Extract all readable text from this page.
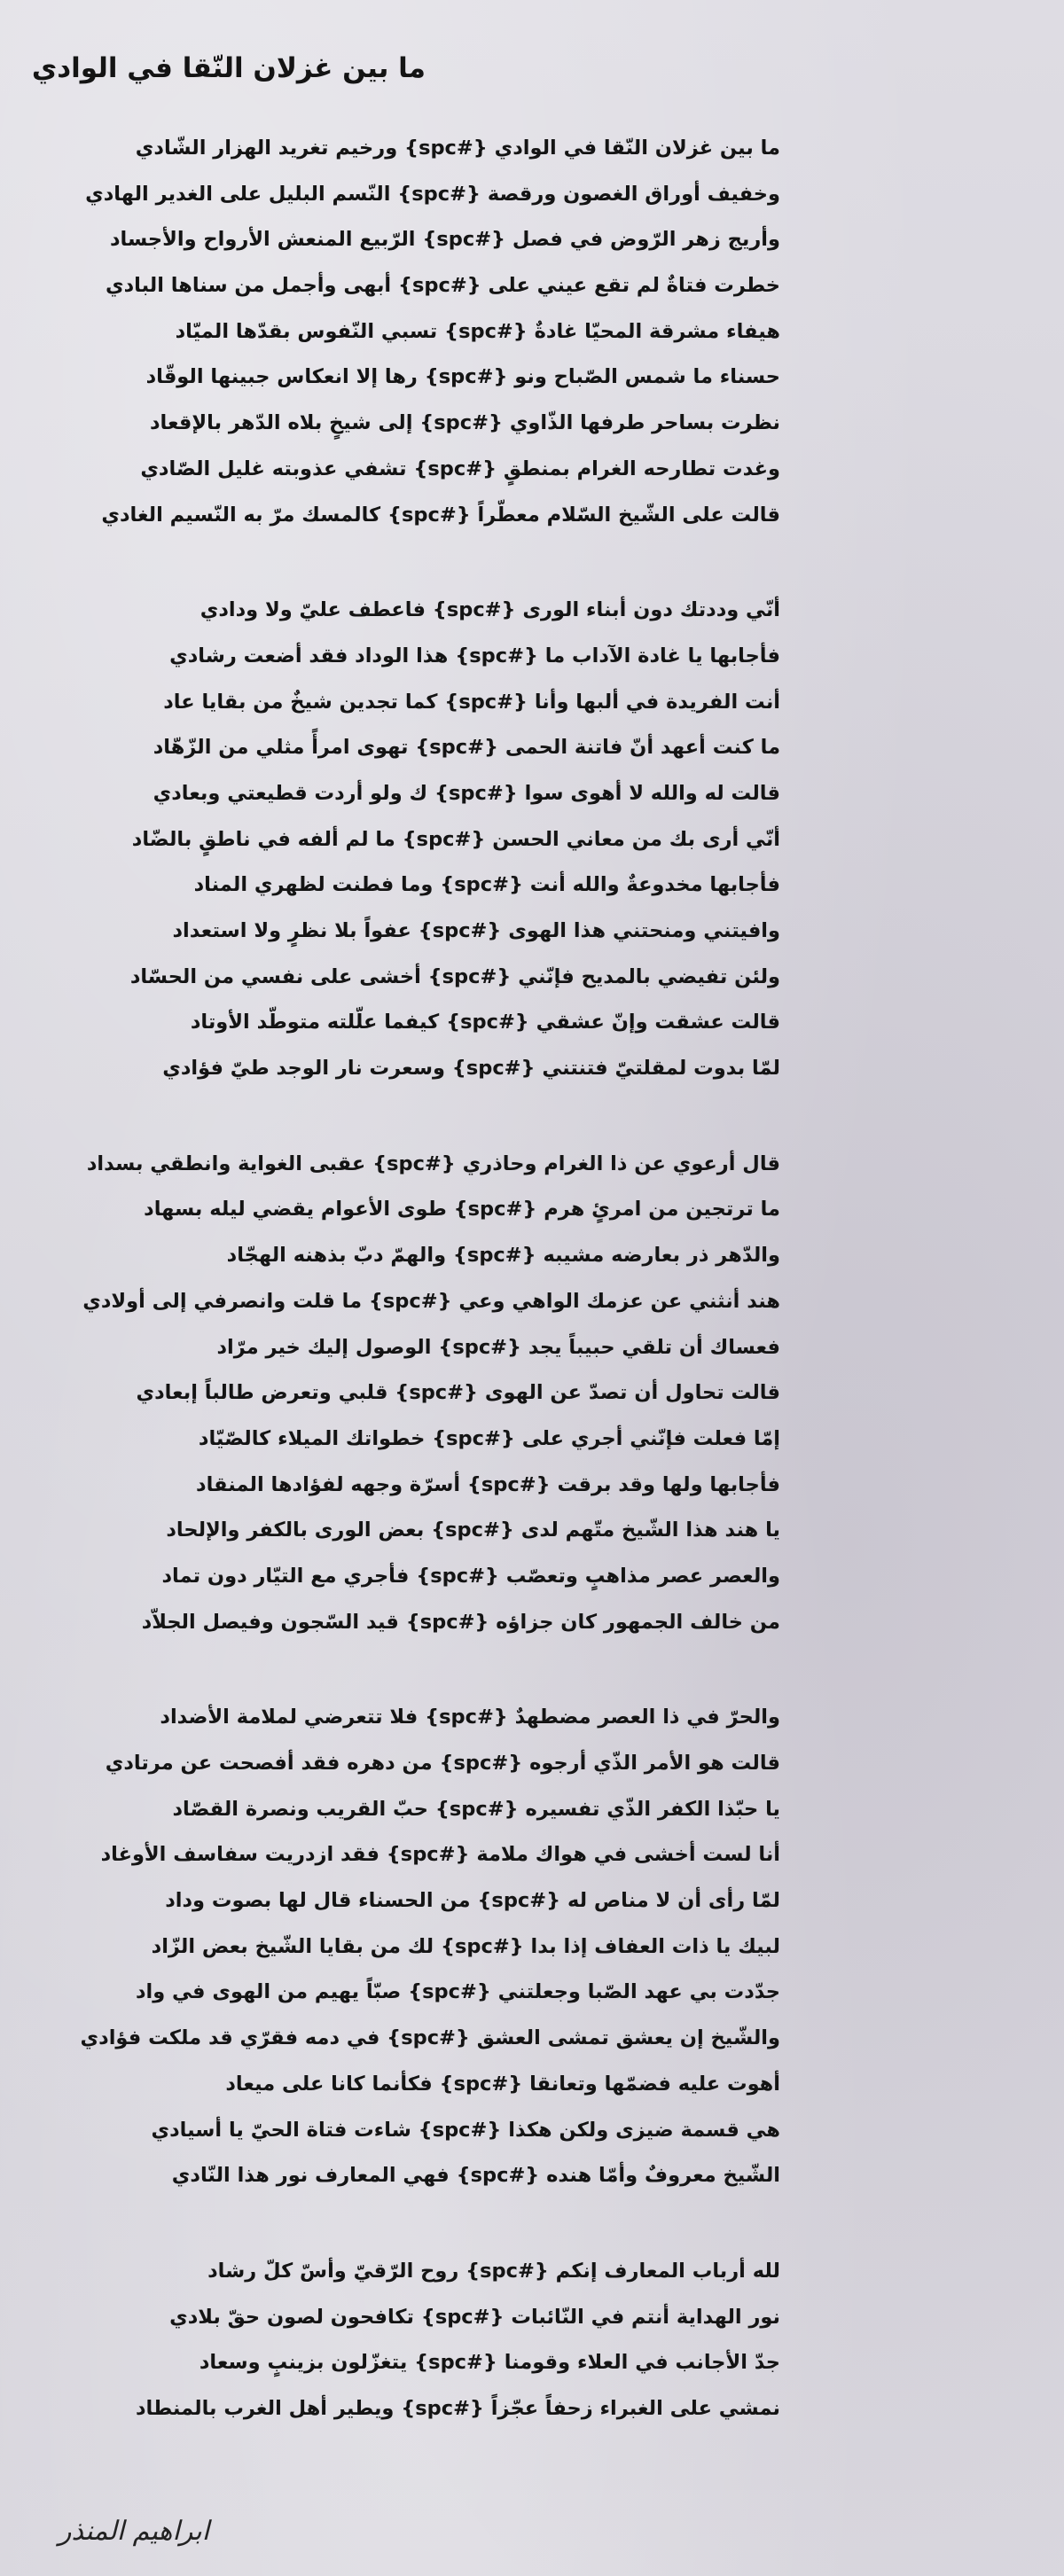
ما بين غزلان النّقا في الوادي
ما بين غزلان النّقا في الوادي {#spc} ورخيم تغريد الهزار الشّادي
وخفيف أوراق الغصون ورقصة {#spc} النّسم البليل على الغدير الهادي
وأريج زهر الرّوض في فصل {#spc} الرّبيع المنعش الأرواح والأجساد
خطرت فتاةٌ لم تقع عيني على {#spc} أبهى وأجمل من سناها البادي
هيفاء مشرقة المحيّا غادةٌ {#spc} تسبي النّفوس بقدّها الميّاد
حسناء ما شمس الصّباح ونو {#spc} رها إلا انعكاس جبينها الوقّاد
نظرت بساحر طرفها الذّاوي {#spc} إلى شيخٍ بلاه الدّهر بالإقعاد
وغدت تطارحه الغرام بمنطقٍ {#spc} تشفي عذوبته غليل الصّادي
قالت على الشّيخ السّلام معطّراً {#spc} كالمسك مرّ به النّسيم الغادي
أنّي وددتك دون أبناء الورى {#spc} فاعطف عليّ ولا ودادي
فأجابها يا غادة الآداب ما {#spc} هذا الوداد فقد أضعت رشادي
أنت الفريدة في ألبها وأنا {#spc} كما تجدين شيخٌ من بقايا عاد
ما كنت أعهد أنّ فاتنة الحمى {#spc} تهوى امرأً مثلي من الزّهّاد
قالت له والله لا أهوى سوا {#spc} ك ولو أردت قطيعتي وبعادي
أنّي أرى بك من معاني الحسن {#spc} ما لم ألفه في ناطقٍ بالضّاد
فأجابها مخدوعةٌ والله أنت {#spc} وما فطنت لظهري المناد
وافيتني ومنحتني هذا الهوى {#spc} عفواً بلا نظرٍ ولا استعداد
ولئن تفيضي بالمديح فإنّني {#spc} أخشى على نفسي من الحسّاد
قالت عشقت وإنّ عشقي {#spc} كيفما علّلته متوطّد الأوتاد
لمّا بدوت لمقلتيّ فتنتني {#spc} وسعرت نار الوجد طيّ فؤادي
قال أرعوي عن ذا الغرام وحاذري {#spc} عقبى الغواية وانطقي بسداد
ما ترتجين من امرئٍ هرم {#spc} طوى الأعوام يقضي ليله بسهاد
والدّهر ذر بعارضه مشيبه {#spc} والهمّ دبّ بذهنه الهجّاد
هند أنثني عن عزمك الواهي وعي {#spc} ما قلت وانصرفي إلى أولادي
فعساك أن تلقي حبيباً يجد {#spc} الوصول إليك خير مرّاد
قالت تحاول أن تصدّ عن الهوى {#spc} قلبي وتعرض طالباً إبعادي
إمّا فعلت فإنّني أجري على {#spc} خطواتك الميلاء كالصّيّاد
فأجابها ولها وقد برقت {#spc} أسرّة وجهه لفؤادها المنقاد
يا هند هذا الشّيخ متّهم لدى {#spc} بعض الورى بالكفر والإلحاد
والعصر عصر مذاهبٍ وتعصّب {#spc} فأجري مع التيّار دون تماد
من خالف الجمهور كان جزاؤه {#spc} قيد السّجون وفيصل الجلاّد
والحرّ في ذا العصر مضطهدٌ {#spc} فلا تتعرضي لملامة الأضداد
قالت هو الأمر الذّي أرجوه {#spc} من دهره فقد أفصحت عن مرتادي
يا حبّذا الكفر الذّي تفسيره {#spc} حبّ القريب ونصرة القصّاد
أنا لست أخشى في هواك ملامة {#spc} فقد ازدريت سفاسف الأوغاد
لمّا رأى أن لا مناص له {#spc} من الحسناء قال لها بصوت وداد
لبيك يا ذات العفاف إذا بدا {#spc} لك من بقايا الشّيخ بعض الزّاد
جدّدت بي عهد الصّبا وجعلتني {#spc} صبّاً يهيم من الهوى في واد
والشّيخ إن يعشق تمشى العشق {#spc} في دمه فقرّي قد ملكت فؤادي
أهوت عليه فضمّها وتعانقا {#spc} فكأنما كانا على ميعاد
هي قسمة ضيزى ولكن هكذا {#spc} شاءت فتاة الحيّ يا أسيادي
الشّيخ معروفٌ وأمّا هنده {#spc} فهي المعارف نور هذا النّادي
لله أرباب المعارف إنكم {#spc} روح الرّقيّ وأسّ كلّ رشاد
نور الهداية أنتم في النّائبات {#spc} تكافحون لصون حقّ بلادي
جدّ الأجانب في العلاء وقومنا {#spc} يتغزّلون بزينبٍ وسعاد
نمشي على الغبراء زحفاً عجّزاً {#spc} ويطير أهل الغرب بالمنطاد
ابراهيم المنذر
